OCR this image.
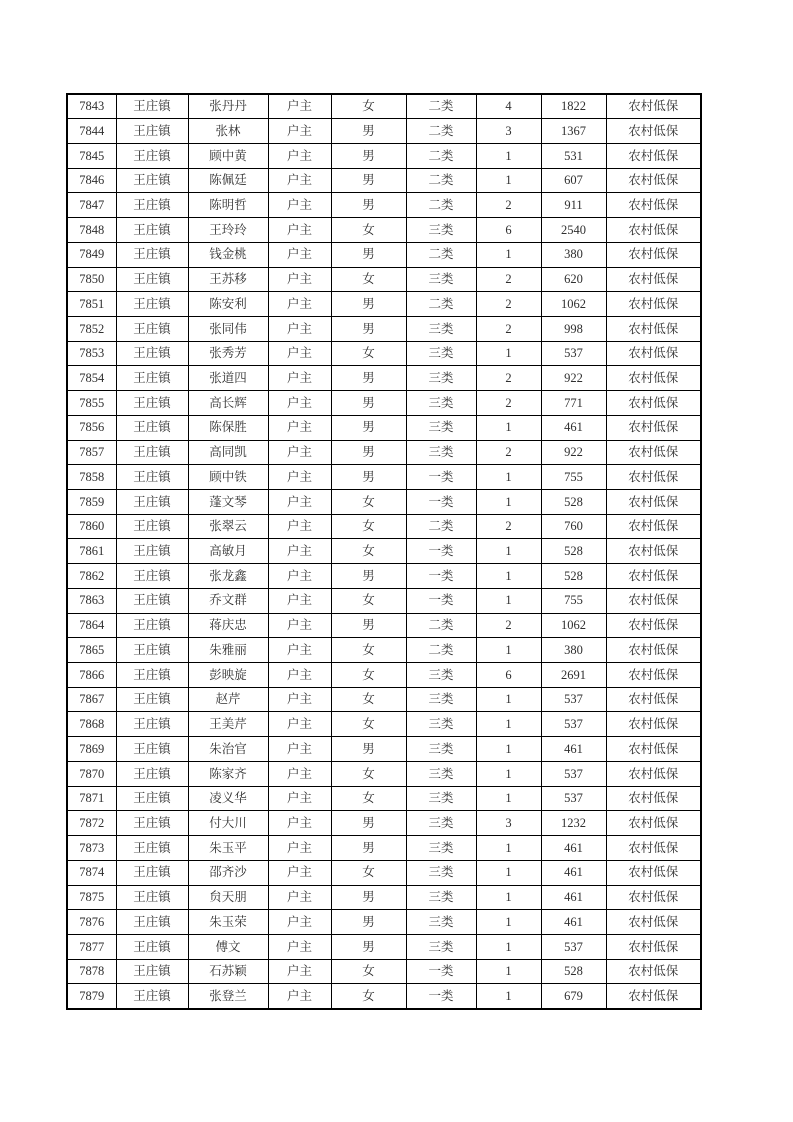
7843	王庄镇	张丹丹	户主	女	二类	4	1822	农村低保
7844	王庄镇	张林	户主	男	二类	3	1367	农村低保
7845	王庄镇	顾中黄	户主	男	二类	1	531	农村低保
7846	王庄镇	陈佩廷	户主	男	二类	1	607	农村低保
7847	王庄镇	陈明哲	户主	男	二类	2	911	农村低保
7848	王庄镇	王玲玲	户主	女	三类	6	2540	农村低保
7849	王庄镇	钱金桃	户主	男	二类	1	380	农村低保
7850	王庄镇	王苏移	户主	女	三类	2	620	农村低保
7851	王庄镇	陈安利	户主	男	二类	2	1062	农村低保
7852	王庄镇	张同伟	户主	男	三类	2	998	农村低保
7853	王庄镇	张秀芳	户主	女	三类	1	537	农村低保
7854	王庄镇	张道四	户主	男	三类	2	922	农村低保
7855	王庄镇	高长辉	户主	男	三类	2	771	农村低保
7856	王庄镇	陈保胜	户主	男	三类	1	461	农村低保
7857	王庄镇	高同凯	户主	男	三类	2	922	农村低保
7858	王庄镇	顾中铁	户主	男	一类	1	755	农村低保
7859	王庄镇	蓬文琴	户主	女	一类	1	528	农村低保
7860	王庄镇	张翠云	户主	女	二类	2	760	农村低保
7861	王庄镇	高敏月	户主	女	一类	1	528	农村低保
7862	王庄镇	张龙鑫	户主	男	一类	1	528	农村低保
7863	王庄镇	乔文群	户主	女	一类	1	755	农村低保
7864	王庄镇	蒋庆忠	户主	男	二类	2	1062	农村低保
7865	王庄镇	朱雅丽	户主	女	二类	1	380	农村低保
7866	王庄镇	彭映旋	户主	女	三类	6	2691	农村低保
7867	王庄镇	赵芹	户主	女	三类	1	537	农村低保
7868	王庄镇	王美芹	户主	女	三类	1	537	农村低保
7869	王庄镇	朱治官	户主	男	三类	1	461	农村低保
7870	王庄镇	陈家齐	户主	女	三类	1	537	农村低保
7871	王庄镇	凌义华	户主	女	三类	1	537	农村低保
7872	王庄镇	付大川	户主	男	三类	3	1232	农村低保
7873	王庄镇	朱玉平	户主	男	三类	1	461	农村低保
7874	王庄镇	邵齐沙	户主	女	三类	1	461	农村低保
7875	王庄镇	贠天朋	户主	男	三类	1	461	农村低保
7876	王庄镇	朱玉荣	户主	男	三类	1	461	农村低保
7877	王庄镇	傅文	户主	男	三类	1	537	农村低保
7878	王庄镇	石苏颖	户主	女	一类	1	528	农村低保
7879	王庄镇	张登兰	户主	女	一类	1	679	农村低保
